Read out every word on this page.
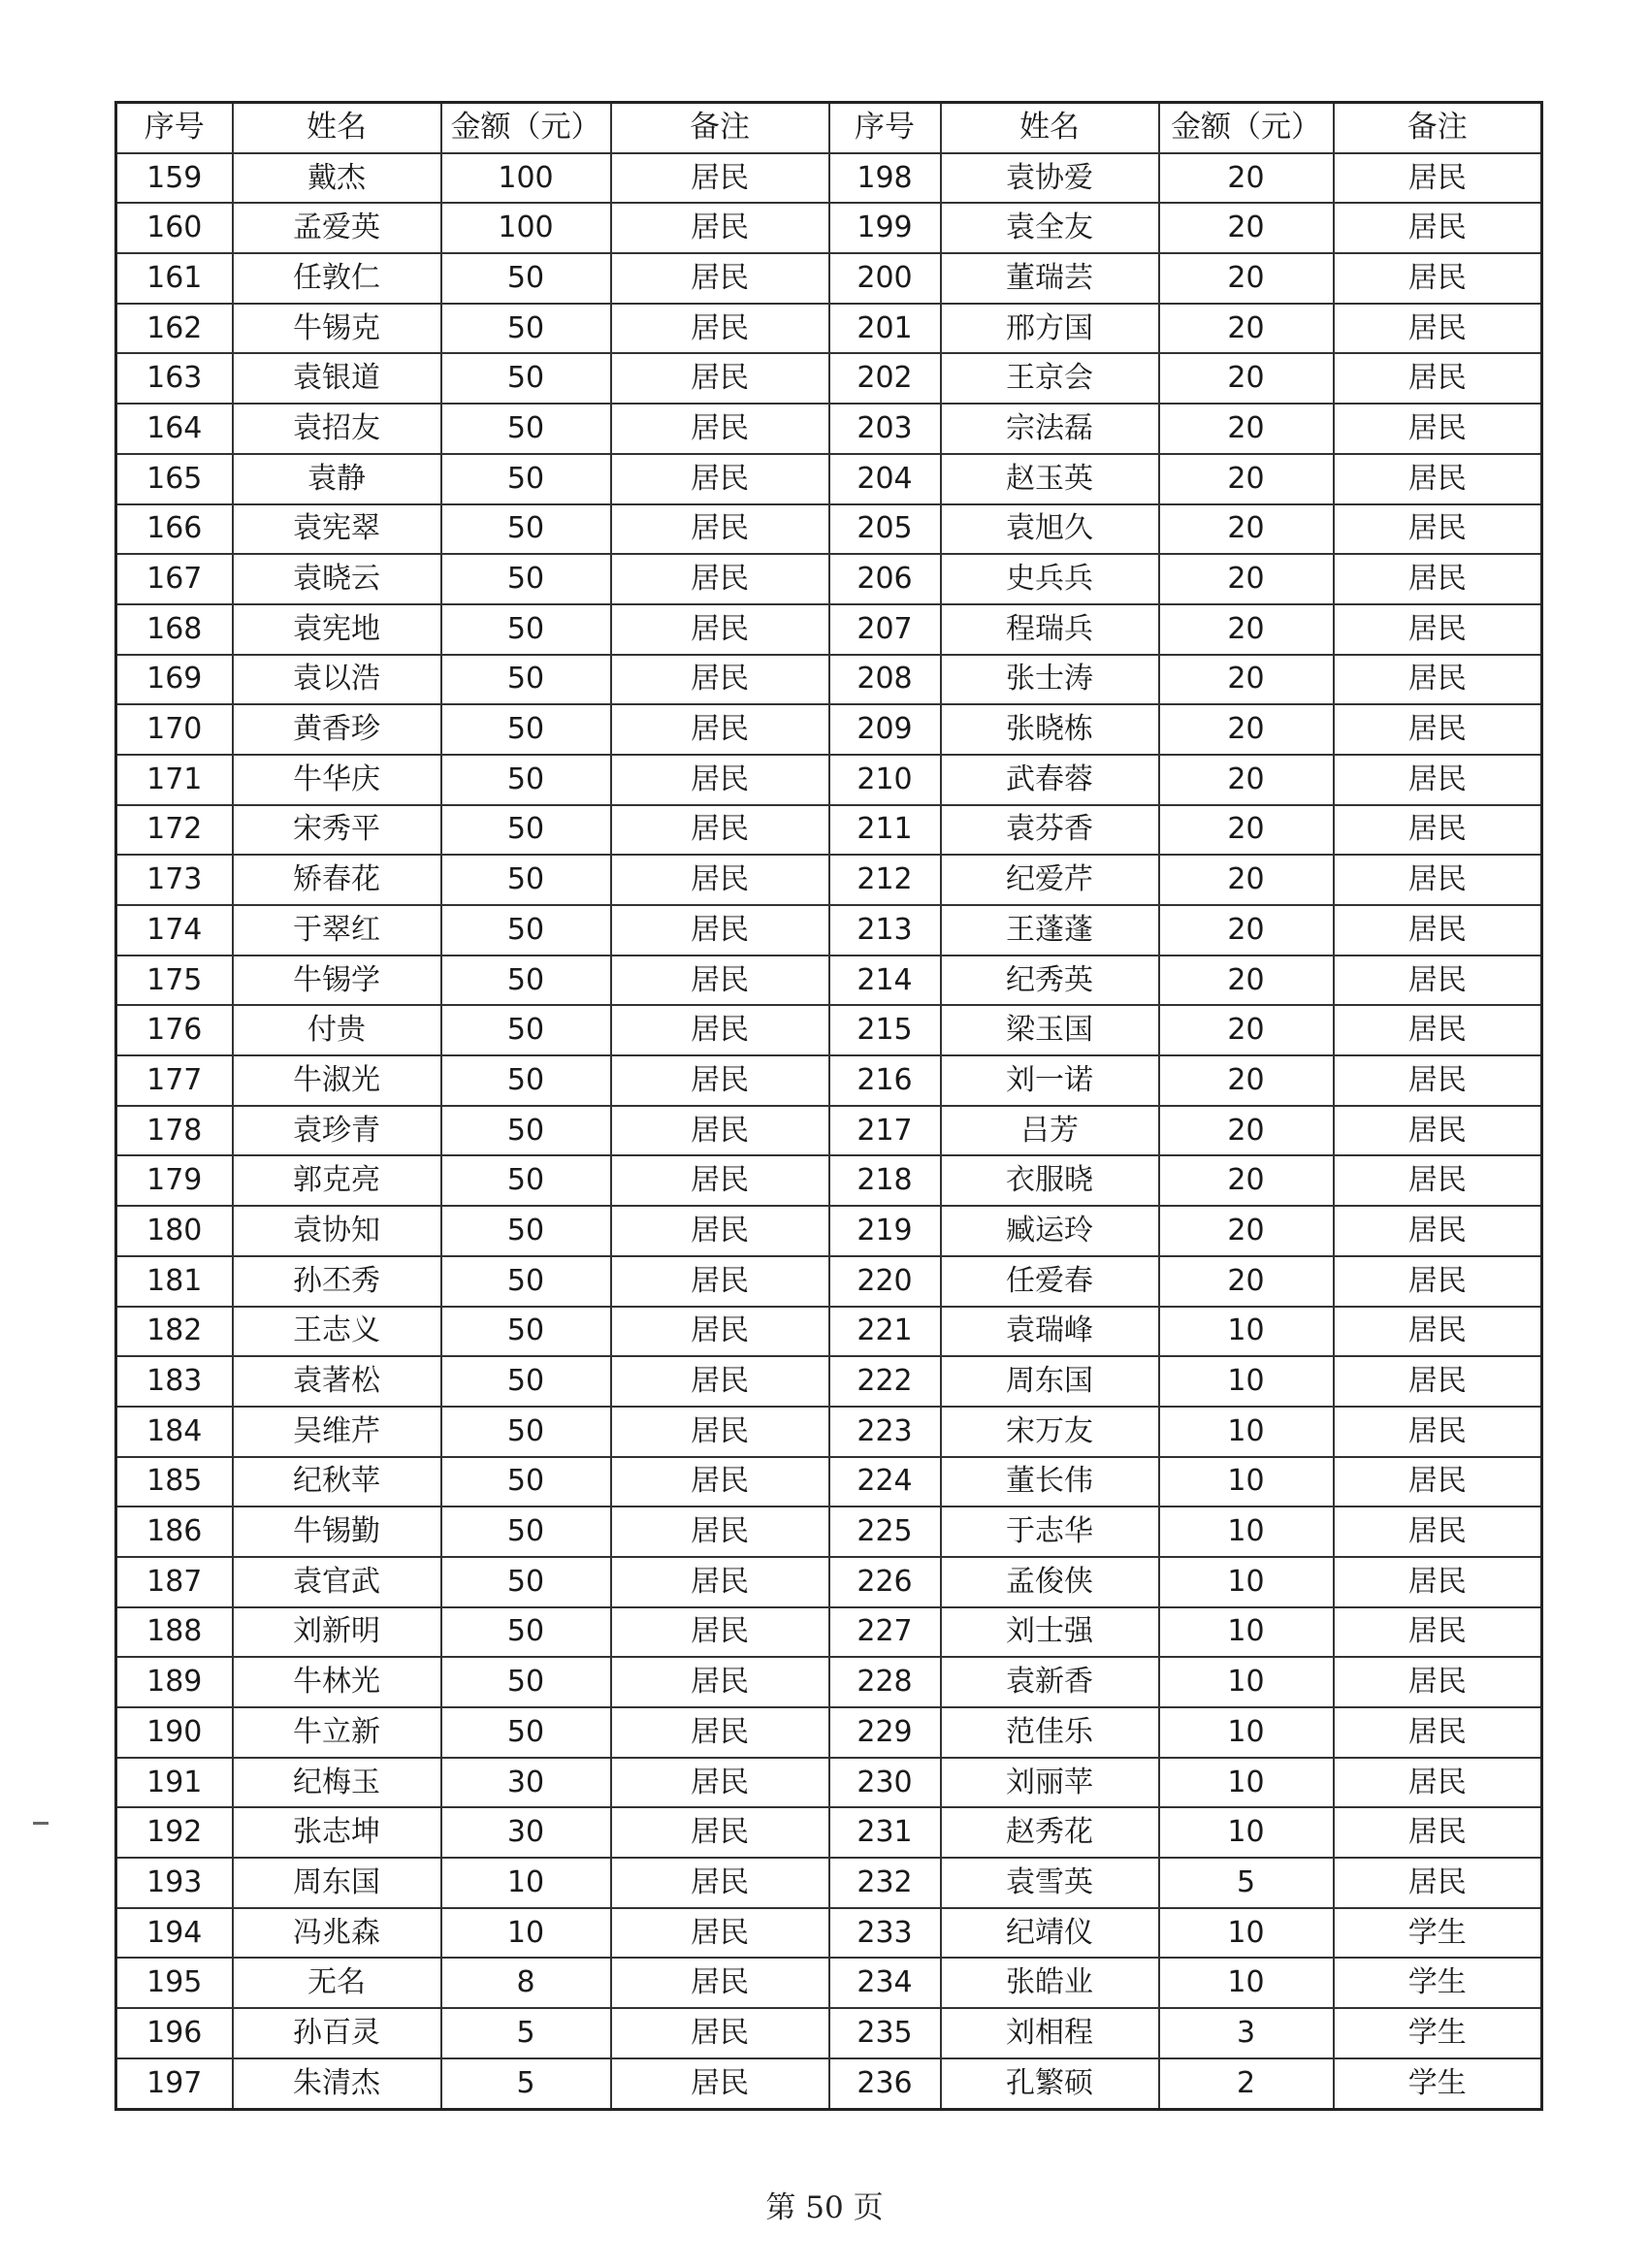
序号	姓名	金额（元）	备注	序号	姓名	金额（元）	备注
159	戴杰	100	居民	198	袁协爱	20	居民
160	孟爱英	100	居民	199	袁全友	20	居民
161	任敦仁	50	居民	200	董瑞芸	20	居民
162	牛锡克	50	居民	201	邢方国	20	居民
163	袁银道	50	居民	202	王京会	20	居民
164	袁招友	50	居民	203	宗法磊	20	居民
165	袁静	50	居民	204	赵玉英	20	居民
166	袁宪翠	50	居民	205	袁旭久	20	居民
167	袁晓云	50	居民	206	史兵兵	20	居民
168	袁宪地	50	居民	207	程瑞兵	20	居民
169	袁以浩	50	居民	208	张士涛	20	居民
170	黄香珍	50	居民	209	张晓栋	20	居民
171	牛华庆	50	居民	210	武春蓉	20	居民
172	宋秀平	50	居民	211	袁芬香	20	居民
173	矫春花	50	居民	212	纪爱芹	20	居民
174	于翠红	50	居民	213	王蓬蓬	20	居民
175	牛锡学	50	居民	214	纪秀英	20	居民
176	付贵	50	居民	215	梁玉国	20	居民
177	牛淑光	50	居民	216	刘一诺	20	居民
178	袁珍青	50	居民	217	吕芳	20	居民
179	郭克亮	50	居民	218	衣服晓	20	居民
180	袁协知	50	居民	219	臧运玲	20	居民
181	孙丕秀	50	居民	220	任爱春	20	居民
182	王志义	50	居民	221	袁瑞峰	10	居民
183	袁著松	50	居民	222	周东国	10	居民
184	吴维芹	50	居民	223	宋万友	10	居民
185	纪秋苹	50	居民	224	董长伟	10	居民
186	牛锡勤	50	居民	225	于志华	10	居民
187	袁官武	50	居民	226	孟俊侠	10	居民
188	刘新明	50	居民	227	刘士强	10	居民
189	牛林光	50	居民	228	袁新香	10	居民
190	牛立新	50	居民	229	范佳乐	10	居民
191	纪梅玉	30	居民	230	刘丽苹	10	居民
192	张志坤	30	居民	231	赵秀花	10	居民
193	周东国	10	居民	232	袁雪英	5	居民
194	冯兆森	10	居民	233	纪靖仪	10	学生
195	无名	8	居民	234	张皓业	10	学生
196	孙百灵	5	居民	235	刘相程	3	学生
197	朱清杰	5	居民	236	孔繁硕	2	学生
第 50 页
